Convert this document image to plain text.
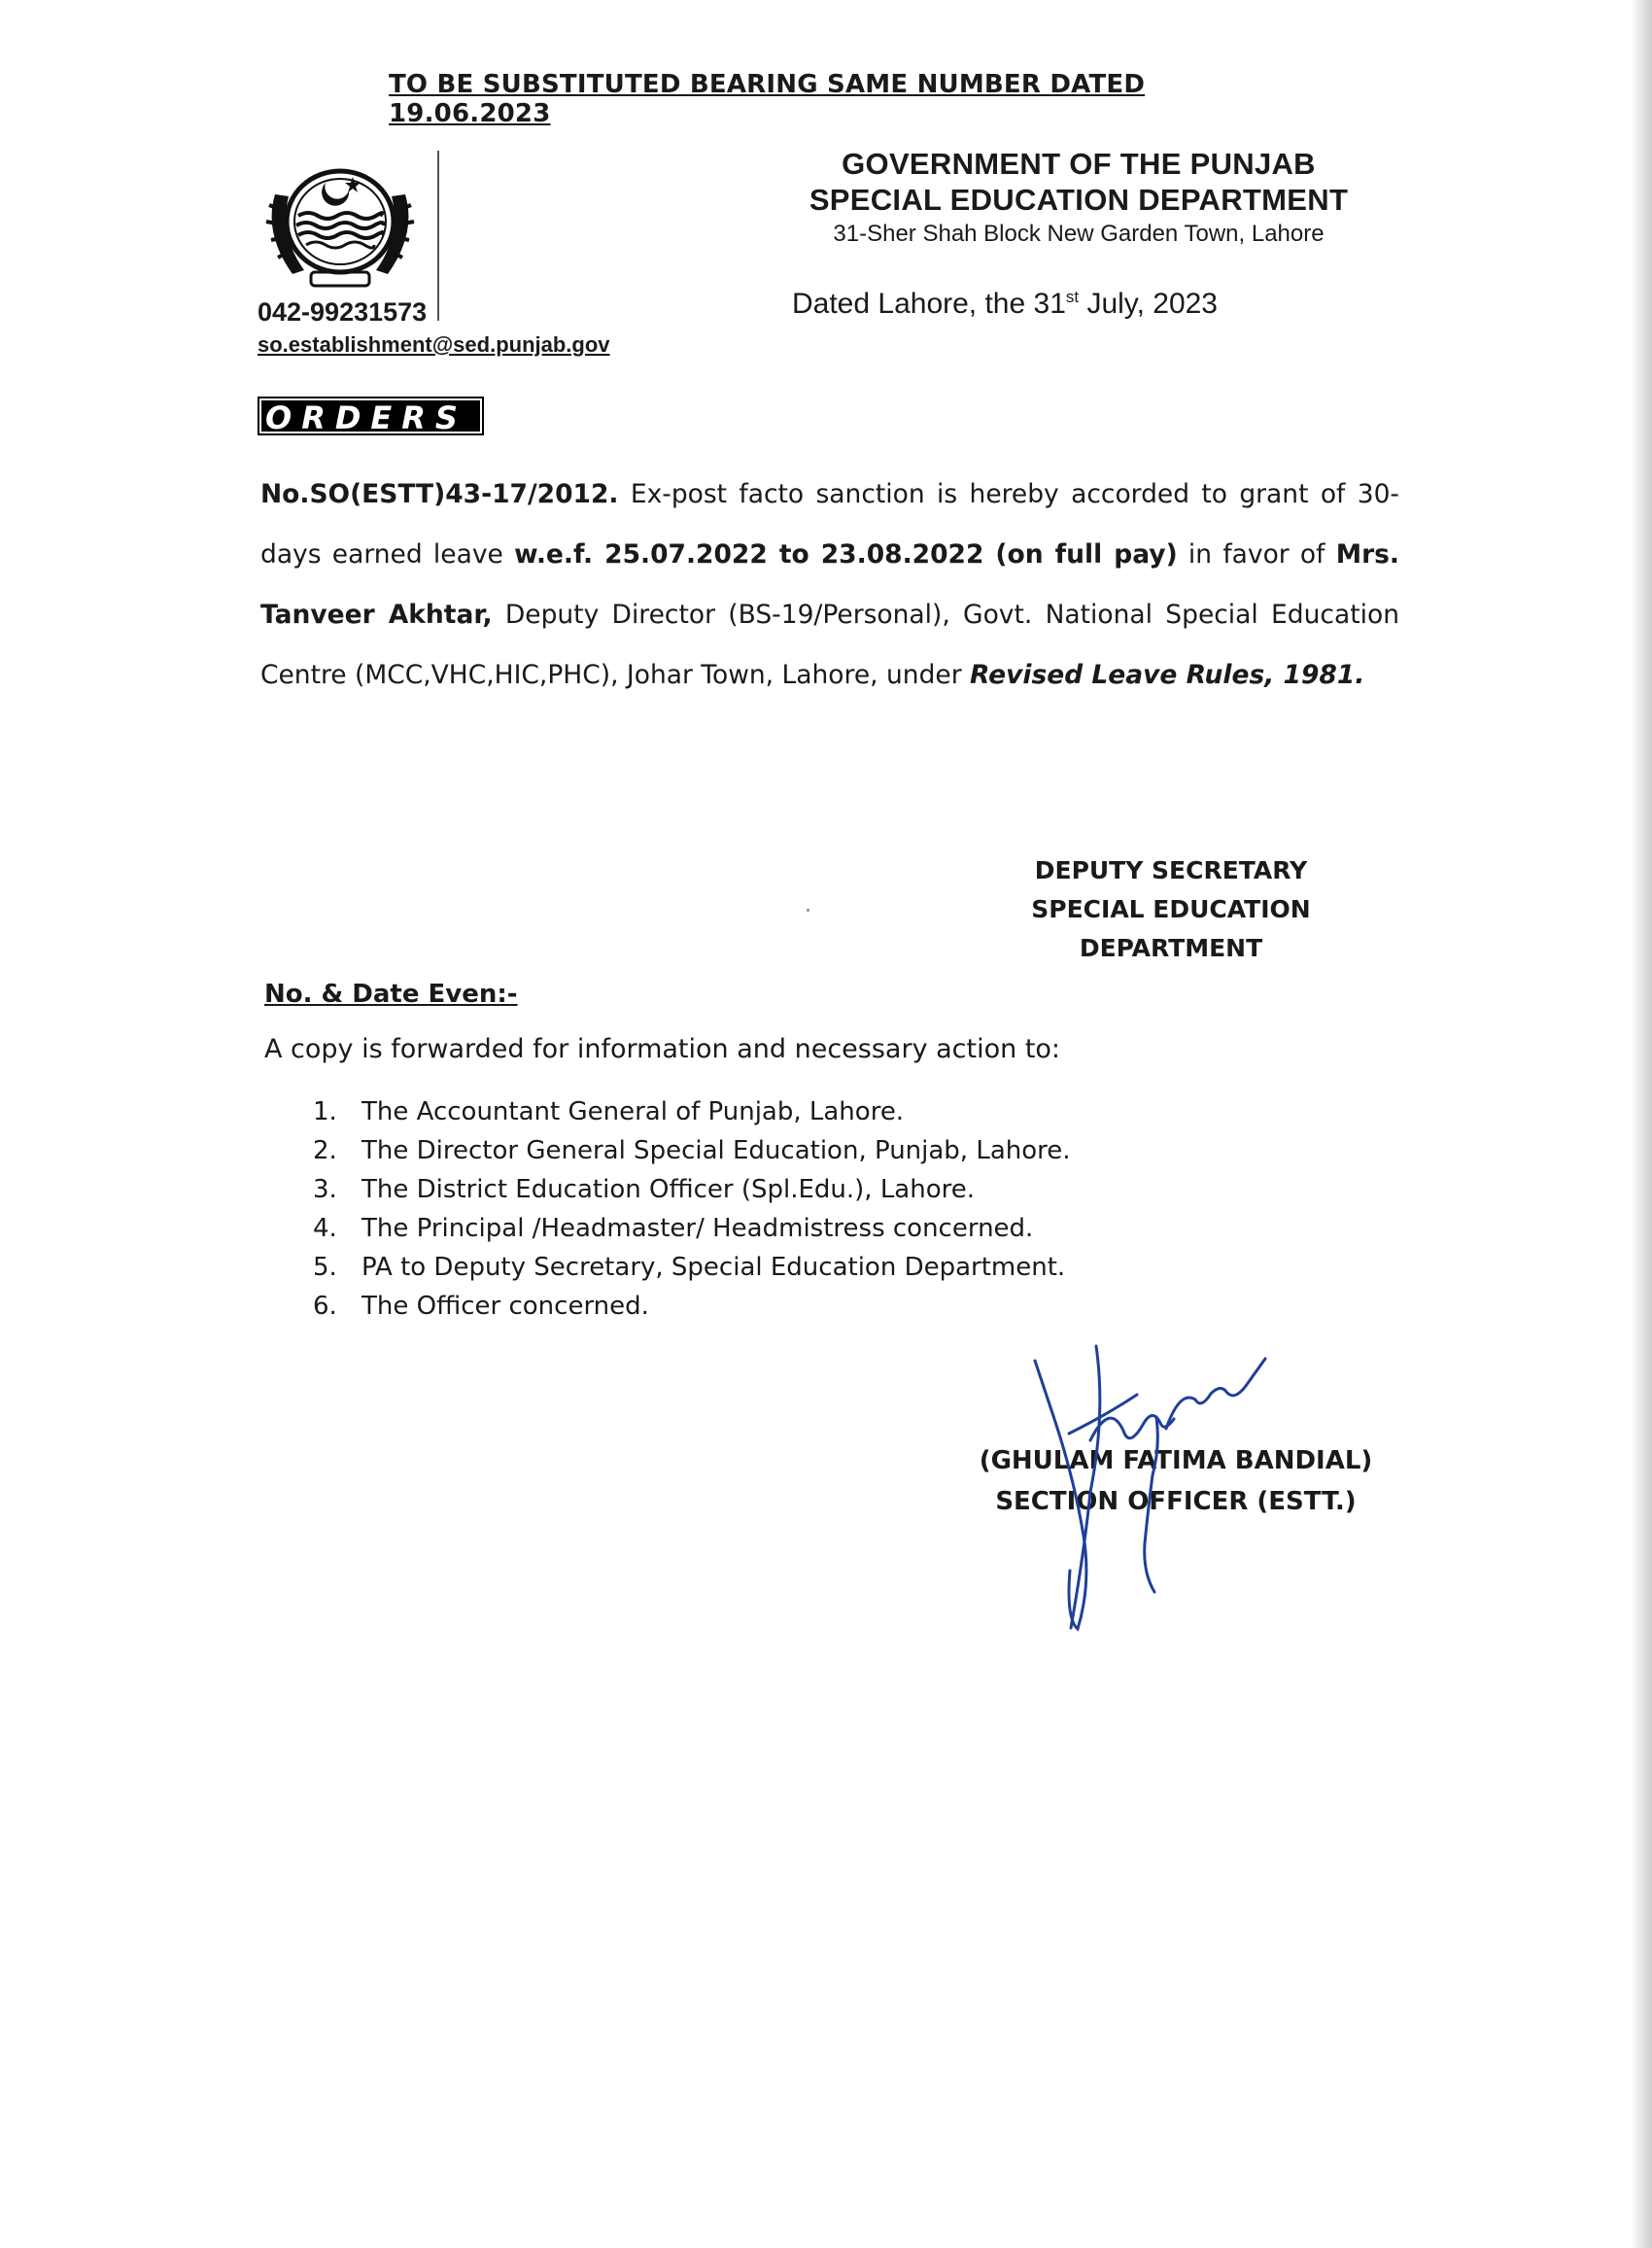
TO BE SUBSTITUTED BEARING SAME NUMBER DATED 19.06.2023
042-99231573
so.establishment@sed.punjab.gov
GOVERNMENT OF THE PUNJAB
SPECIAL EDUCATION DEPARTMENT
31-Sher Shah Block New Garden Town, Lahore
Dated Lahore, the 31st July, 2023
ORDERS
No.SO(ESTT)43-17/2012. Ex-post facto sanction is hereby accorded to grant of 30-days earned leave w.e.f. 25.07.2022 to 23.08.2022 (on full pay) in favor of Mrs. Tanveer Akhtar, Deputy Director (BS-19/Personal), Govt. National Special Education Centre (MCC,VHC,HIC,PHC), Johar Town, Lahore, under Revised Leave Rules, 1981.
DEPUTY SECRETARY
SPECIAL EDUCATION
DEPARTMENT
No. & Date Even:-
A copy is forwarded for information and necessary action to:
1. The Accountant General of Punjab, Lahore.
2. The Director General Special Education, Punjab, Lahore.
3. The District Education Officer (Spl.Edu.), Lahore.
4. The Principal /Headmaster/ Headmistress concerned.
5. PA to Deputy Secretary, Special Education Department.
6. The Officer concerned.
(GHULAM FATIMA BANDIAL)
SECTION OFFICER (ESTT.)
